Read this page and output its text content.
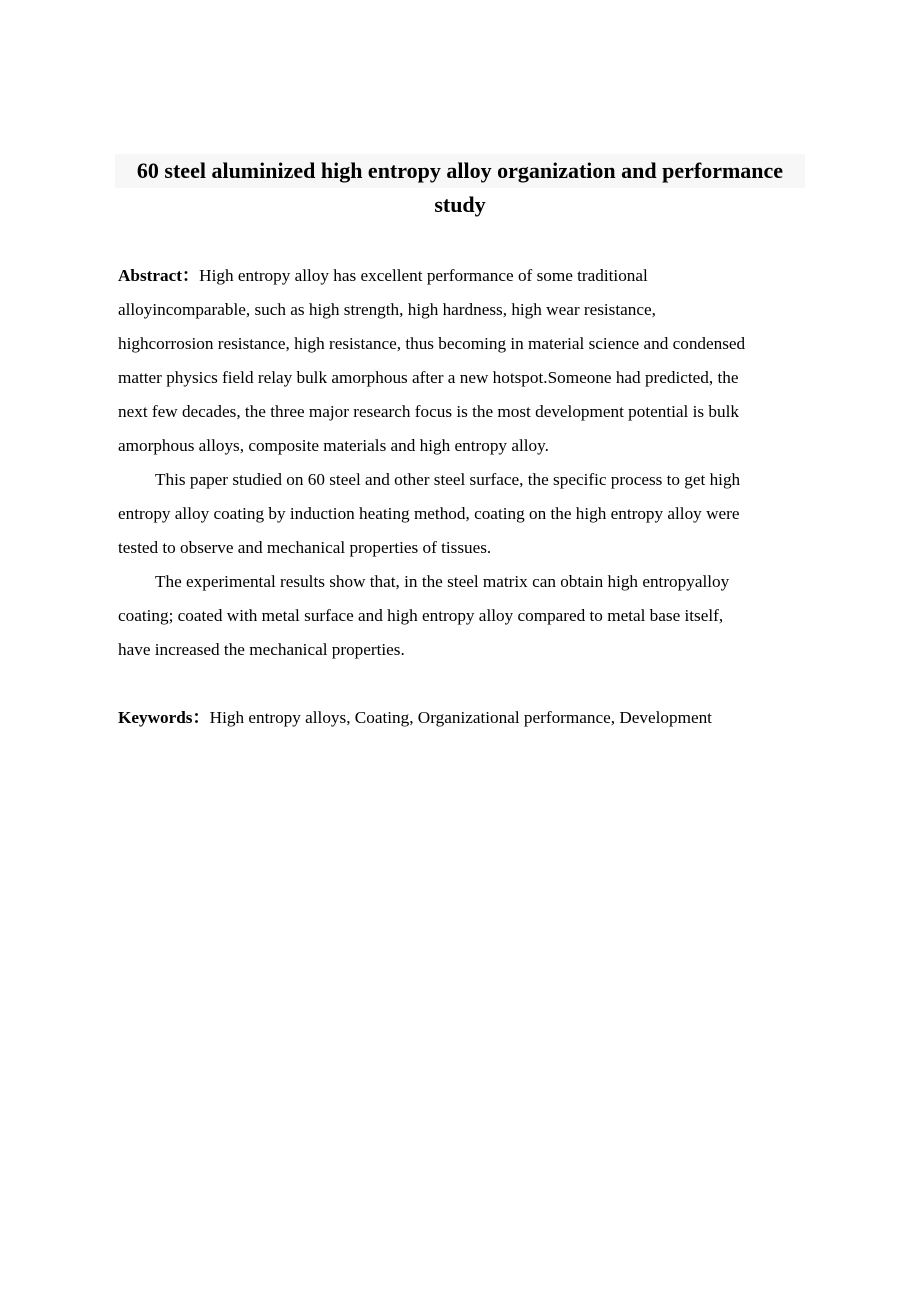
60 steel aluminized high entropy alloy organization and performance
study
Abstract：High entropy alloy has excellent performance of some traditional
alloyincomparable, such as high strength, high hardness, high wear resistance,
highcorrosion resistance, high resistance, thus becoming in material science and condensed
matter physics field relay bulk amorphous after a new hotspot.Someone had predicted, the
next few decades, the three major research focus is the most development potential is bulk
amorphous alloys, composite materials and high entropy alloy.
This paper studied on 60 steel and other steel surface, the specific process to get high
entropy alloy coating by induction heating method, coating on the high entropy alloy were
tested to observe and mechanical properties of tissues.
The experimental results show that, in the steel matrix can obtain high entropyalloy
coating; coated with metal surface and high entropy alloy compared to metal base itself,
have increased the mechanical properties.
Keywords：High entropy alloys, Coating, Organizational performance, Development
